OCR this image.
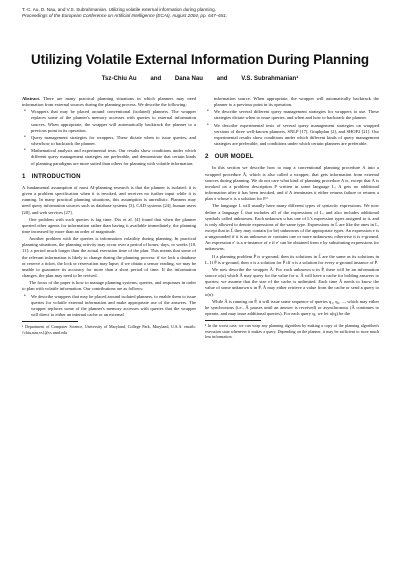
T.-C. Au, D. Nau, and V.S. Subrahmanian. Utilizing volatile external information during planning.
Proceedings of the European Conference on Artificial Intelligence (ECAI), August 2004, pp. 647–651.
Utilizing Volatile External Information During Planning
Tsz-Chiu Au and Dana Nau and V.S. Subrahmanian¹

Abstract. There are many practical planning situations in which planners may need information from external sources during the planning process. We describe the following:

• Wrappers that may be placed around conventional (isolated) planners. The wrapper replaces some of the planner's memory accesses with queries to external information sources. When appropriate, the wrapper will automatically backtrack the planner to a previous point in its operation.
• Query management strategies for wrappers. These dictate when to issue queries, and when/how to backtrack the planner.
• Mathematical analysis and experimental tests. Our results show conditions under which different query management strategies are preferable, and demonstrate that certain kinds of planning paradigms are more suited than others for planning with volatile information.
1 INTRODUCTION

A fundamental assumption of most AI-planning research is that the planner is isolated: it is given a problem specification when it is invoked, and receives no further input while it is running. In many practical planning situations, this assumption is unrealistic. Planners may need query information sources such as database systems [3], CAD systems [24], human users [20], and web services [27].

One problem with such queries is lag time. Dix et al. [4] found that when the planner queried other agents for information rather than having it available immediately, the planning time increased by more than an order of magnitude.

Another problem with the queries is information volatility during planning. In practical planning situations, the planning activity may occur over a period of hours, days, or weeks [18, 11]: a period much longer than the actual execution time of the plan. This means that some of the relevant information is likely to change during the planning process: if we lock a database or reserve a ticket, the lock or reservation may lapse; if we obtain a sensor reading, we may be unable to guarantee its accuracy for more than a short period of time. If the information changes, the plan may need to be revised.

The focus of the paper is how to manage planning systems, queries, and responses in order to plan with volatile information. Our contributions are as follows:

• We describe wrappers that may be placed around isolated planners, to enable them to issue queries for volatile external information and make appropriate use of the answers. The wrapper replaces some of the planner's memory accesses with queries that the wrapper will direct to either an internal cache or an external
¹ Department of Computer Science, University of Maryland, College Park, Maryland, U.S.A. emails: {chiu,nau,vs}@cs.umd.edu

information source. When appropriate, the wrapper will automatically backtrack the planner to a previous point in its operation.

• We describe several different query management strategies for wrappers to use. These strategies dictate when to issue queries, and when and how to backtrack the planner.
• We describe experimental tests of several query management strategies on wrapped versions of three well-known planners, SNLP [17], Graphplan [2], and SHOP2 [21]. Our experimental results show conditions under which different kinds of query management strategies are preferable, and conditions under which certain planners are preferable.
2 OUR MODEL

In this section we describe how to map a conventional planning procedure A into a wrapped procedure Â, which is also called a wrapper, that gets information from external sources during planning. We do not care what kind of planning procedure A is, except that A is invoked on a problem description P written in some language L, A gets no additional information after it has been invoked, and if A terminates it either returns failure or returns a plan π whose π is a solution for P.²

The language L will usually have many different types of syntactic expressions. We now define a language L̂ that includes all of the expressions of L, and also includes additional symbols called unknowns. Each unknown u has one of L's expression types assigned to it, and is only allowed to denote expressions of the same type. Expressions in L̂ are like the ones in L, except that in L̂ they may contain (or be) unknowns of the appropriate types. An expression e is u-ungrounded if it is an unknown or contains one or more unknowns; otherwise it is e-ground. An expression e' is a u-instance of e if e' can be obtained from e by substituting expressions for unknowns.

If a planning problem P̂ is u-ground, then its solutions in L̂ are the same as its solutions in L. If P̂ is u-ground, then π is a solution for P̂ iff π is a solution for every u-ground instance of P̂.

We now describe the wrapper Â. For each unknown u in P̂, there will be an information source σ(u) which Â may query for the value for u. Â will have a cache for holding answers to queries; we assume that the size of the cache is unlimited. Each time Â needs to know the value of some unknown u in P̂, Â may either retrieve a value from the cache or send a query to σ(u).

While Â is running on P̂, it will issue some sequence of queries q₁, q₂, ..., which may either be synchronous (i.e., Â pauses until an answer is received) or asynchronous (Â continues to operate, and may issue additional queries). For each query qᵢ, we let u(qᵢ) be the

² In the worst case, we can wrap any planning algorithm by making a copy of the planning algorithm's execution state whenever it makes a query. Depending on the planner, it may be sufficient to store much less information.
